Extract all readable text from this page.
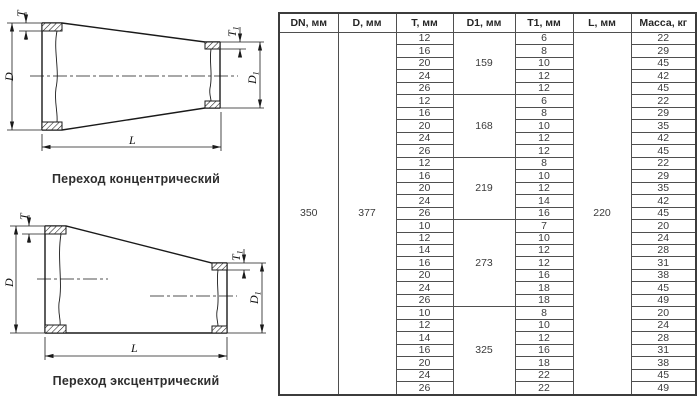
T
D
$T_1$
$D_1$
L
Переход концентрический
T
D
$T_1$
$D_1$
L
Переход эксцентрический
DN, мм	D, мм	T, мм	D1, мм	T1, мм	L, мм	Масса, кг
350	377	12	159	6	220	22
		16		8		29
		20		10		45
		24		12		42
		26		12		45
		12	168	6		22
		16		8		29
		20		10		35
		24		12		42
		26		12		45
		12	219	8		22
		16		10		29
		20		12		35
		24		14		42
		26		16		45
		10	273	7		20
		12		10		24
		14		12		28
		16		12		31
		20		16		38
		24		18		45
		26		18		49
		10	325	8		20
		12		10		24
		14		12		28
		16		16		31
		20		18		38
		24		22		45
		26		22		49
